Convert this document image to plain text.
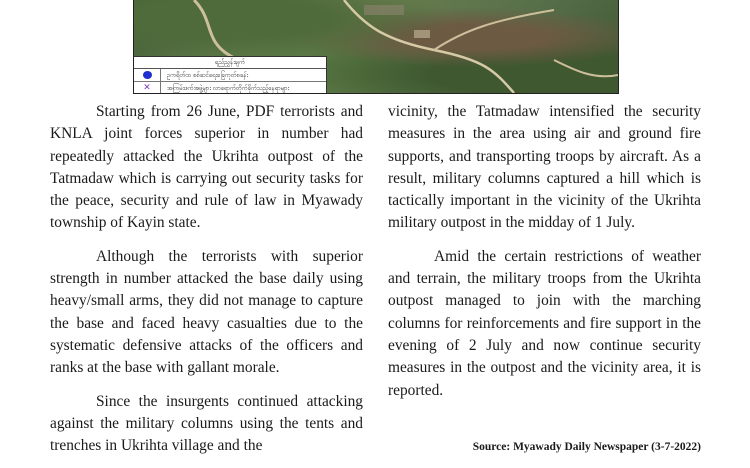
ရည်ညွှန်းချက်
ဥကရိတ်ထ စစ်ဆင်ရေးခြေကုတ်စခန်း
✕	အကြမ်းဖက်အဖွဲ့များ လာရောက်တိုက်ခိုက်သည့်နေရာများ

Starting from 26 June, PDF terrorists and KNLA joint forces superior in number had repeatedly attacked the Ukrihta outpost of the Tatmadaw which is carrying out security tasks for the peace, security and rule of law in Myawady township of Kayin state.

Although the terrorists with superior strength in number attacked the base daily using heavy/small arms, they did not manage to capture the base and faced heavy casualties due to the systematic defensive attacks of the officers and ranks at the base with gallant morale.

Since the insurgents continued attacking against the military columns using the tents and trenches in Ukrihta village and the

vicinity, the Tatmadaw intensified the security measures in the area using air and ground fire supports, and transporting troops by aircraft. As a result, military columns captured a hill which is tactically important in the vicinity of the Ukrihta military outpost in the midday of 1 July.

Amid the certain restrictions of weather and terrain, the military troops from the Ukrihta outpost managed to join with the marching columns for reinforcements and fire support in the evening of 2 July and now continue security measures in the outpost and the vicinity area, it is reported.

Source: Myawady Daily Newspaper (3-7-2022)
